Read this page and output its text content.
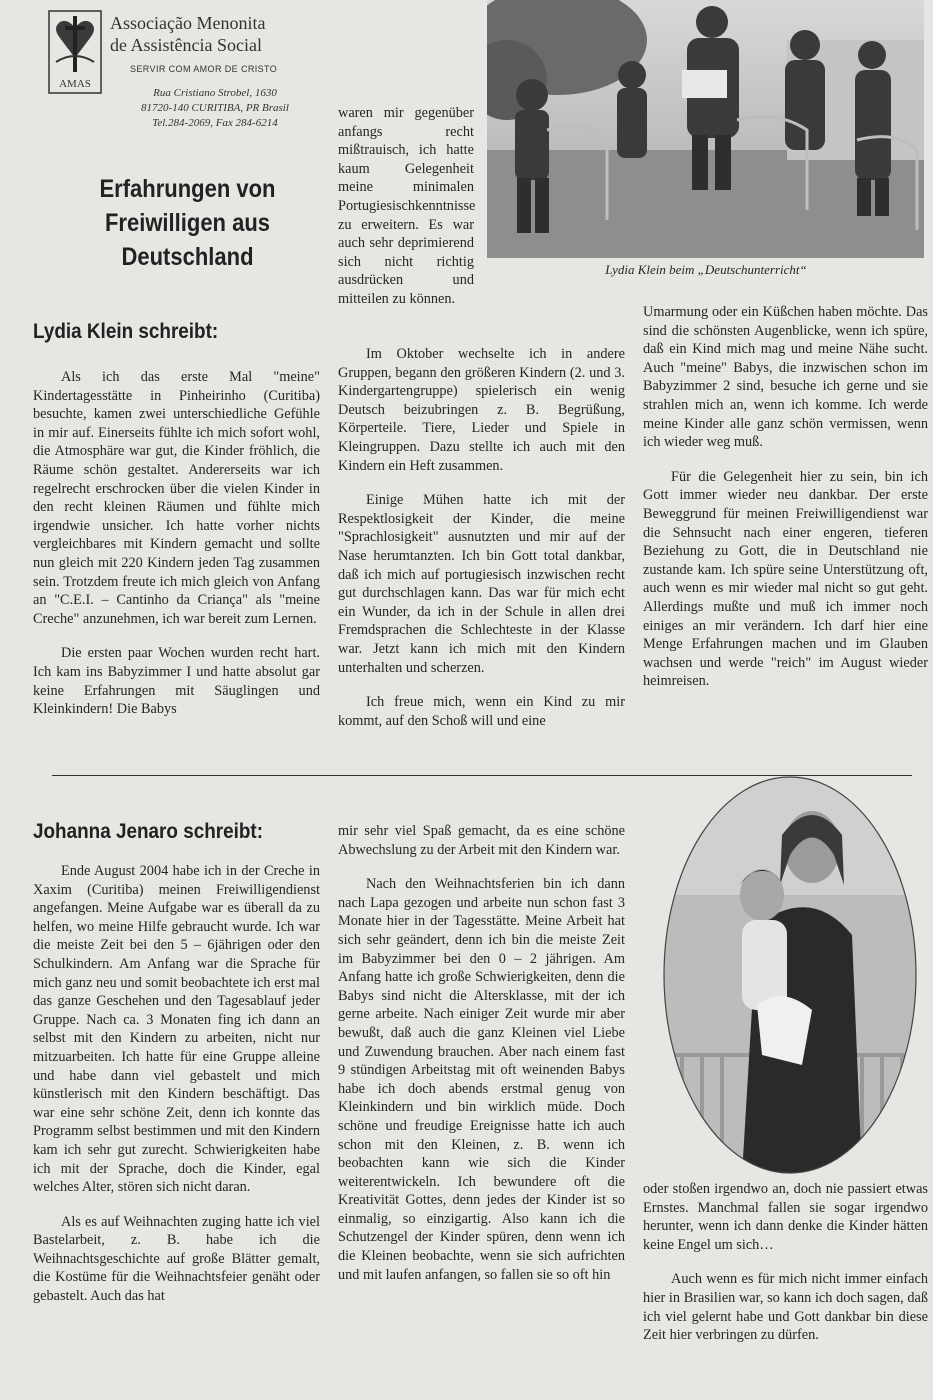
AMAS
Associação Menonita
de Assistência Social
SERVIR COM AMOR DE CRISTO
Rua Cristiano Strobel, 1630
81720-140 CURITIBA, PR Brasil
Tel.284-2069, Fax 284-6214
Erfahrungen von
Freiwilligen aus
Deutschland	Lydia Klein beim „Deutschunterricht“
Lydia Klein schreibt:

Als ich das erste Mal "meine" Kindertagesstätte in Pinheirinho (Curitiba) besuchte, kamen zwei unterschiedliche Gefühle in mir auf. Einerseits fühlte ich mich sofort wohl, die Atmosphäre war gut, die Kinder fröhlich, die Räume schön gestaltet. Andererseits war ich regelrecht erschrocken über die vielen Kinder in den recht kleinen Räumen und fühlte mich irgendwie unsicher. Ich hatte vorher nichts vergleichbares mit Kindern gemacht und sollte nun gleich mit 220 Kindern jeden Tag zusammen sein. Trotzdem freute ich mich gleich von Anfang an "C.E.I. – Cantinho da Criança" als "meine Creche" anzunehmen, ich war bereit zum Lernen.

Die ersten paar Wochen wurden recht hart. Ich kam ins Babyzimmer I und hatte absolut gar keine Erfahrungen mit Säuglingen und Kleinkindern! Die Babys

waren mir gegenüber anfangs recht mißtrauisch, ich hatte kaum Gelegenheit meine minimalen Portugiesischkenntnisse zu erweitern. Es war auch sehr deprimierend sich nicht richtig ausdrücken und mitteilen zu können.

Im Oktober wechselte ich in andere Gruppen, begann den größeren Kindern (2. und 3. Kindergartengruppe) spielerisch ein wenig Deutsch beizubringen z. B. Begrüßung, Körperteile. Tiere, Lieder und Spiele in Kleingruppen. Dazu stellte ich auch mit den Kindern ein Heft zusammen.

Einige Mühen hatte ich mit der Respektlosigkeit der Kinder, die meine "Sprachlosigkeit" ausnutzten und mir auf der Nase herumtanzten. Ich bin Gott total dankbar, daß ich mich auf portugiesisch inzwischen recht gut durchschlagen kann. Das war für mich echt ein Wunder, da ich in der Schule in allen drei Fremdsprachen die Schlechteste in der Klasse war. Jetzt kann ich mich mit den Kindern unterhalten und scherzen.

Ich freue mich, wenn ein Kind zu mir kommt, auf den Schoß will und eine

Umarmung oder ein Küßchen haben möchte. Das sind die schönsten Augenblicke, wenn ich spüre, daß ein Kind mich mag und meine Nähe sucht. Auch "meine" Babys, die inzwischen schon im Babyzimmer 2 sind, besuche ich gerne und sie strahlen mich an, wenn ich komme. Ich werde meine Kinder alle ganz schön vermissen, wenn ich wieder weg muß.

Für die Gelegenheit hier zu sein, bin ich Gott immer wieder neu dankbar. Der erste Beweggrund für meinen Freiwilligendienst war die Sehnsucht nach einer engeren, tieferen Beziehung zu Gott, die in Deutschland nie zustande kam. Ich spüre seine Unterstützung oft, auch wenn es mir wieder mal nicht so gut geht. Allerdings mußte und muß ich immer noch einiges an mir verändern. Ich darf hier eine Menge Erfahrungen machen und im Glauben wachsen und werde "reich" im August wieder heimreisen.

Johanna Jenaro schreibt:

Ende August 2004 habe ich in der Creche in Xaxim (Curitiba) meinen Freiwilligendienst angefangen. Meine Aufgabe war es überall da zu helfen, wo meine Hilfe gebraucht wurde. Ich war die meiste Zeit bei den 5 – 6jährigen oder den Schulkindern. Am Anfang war die Sprache für mich ganz neu und somit beobachtete ich erst mal das ganze Geschehen und den Tagesablauf jeder Gruppe. Nach ca. 3 Monaten fing ich dann an selbst mit den Kindern zu arbeiten, nicht nur mitzuarbeiten. Ich hatte für eine Gruppe alleine und habe dann viel gebastelt und mich künstlerisch mit den Kindern beschäftigt. Das war eine sehr schöne Zeit, denn ich konnte das Programm selbst bestimmen und mit den Kindern kam ich sehr gut zurecht. Schwierigkeiten habe ich mit der Sprache, doch die Kinder, egal welches Alter, stören sich nicht daran.

Als es auf Weihnachten zuging hatte ich viel Bastelarbeit, z. B. habe ich die Weihnachtsgeschichte auf große Blätter gemalt, die Kostüme für die Weihnachtsfeier genäht oder gebastelt. Auch das hat

mir sehr viel Spaß gemacht, da es eine schöne Abwechslung zu der Arbeit mit den Kindern war.

Nach den Weihnachtsferien bin ich dann nach Lapa gezogen und arbeite nun schon fast 3 Monate hier in der Tagesstätte. Meine Arbeit hat sich sehr geändert, denn ich bin die meiste Zeit im Babyzimmer bei den 0 – 2 jährigen. Am Anfang hatte ich große Schwierigkeiten, denn die Babys sind nicht die Altersklasse, mit der ich gerne arbeite. Nach einiger Zeit wurde mir aber bewußt, daß auch die ganz Kleinen viel Liebe und Zuwendung brauchen. Aber nach einem fast 9 stündigen Arbeitstag mit oft weinenden Babys habe ich doch abends erstmal genug von Kleinkindern und bin wirklich müde. Doch schöne und freudige Ereignisse hatte ich auch schon mit den Kleinen, z. B. wenn ich beobachten kann wie sich die Kinder weiterentwickeln. Ich bewundere oft die Kreativität Gottes, denn jedes der Kinder ist so einmalig, so einzigartig. Also kann ich die Schutzengel der Kinder spüren, denn wenn ich die Kleinen beobachte, wenn sie sich aufrichten und mit laufen anfangen, so fallen sie so oft hin

oder stoßen irgendwo an, doch nie passiert etwas Ernstes. Manchmal fallen sie sogar irgendwo herunter, wenn ich dann denke die Kinder hätten keine Engel um sich…

Auch wenn es für mich nicht immer einfach hier in Brasilien war, so kann ich doch sagen, daß ich viel gelernt habe und Gott dankbar bin diese Zeit hier verbringen zu dürfen.
